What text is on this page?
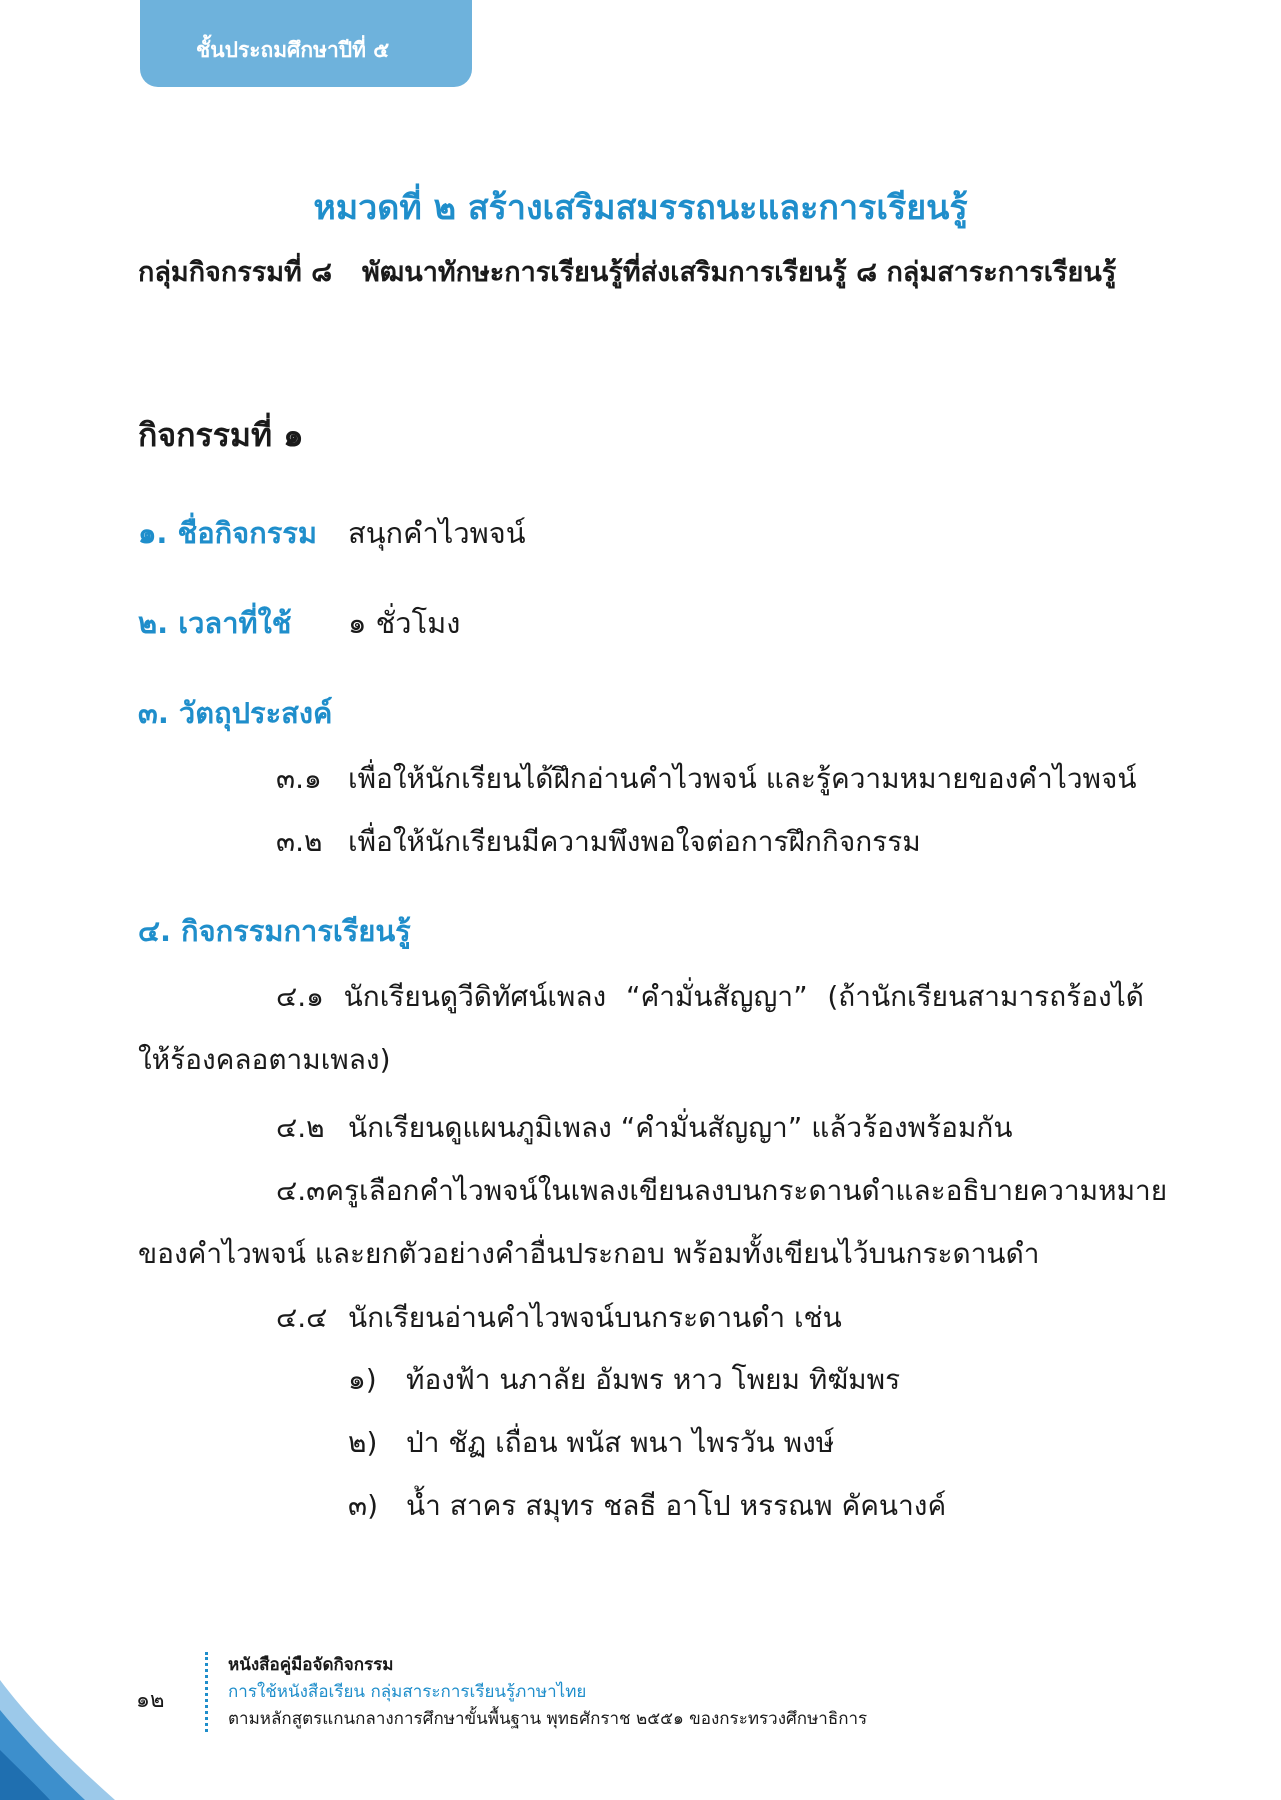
ชั้นประถมศึกษาปีที่ ๕
หมวดที่ ๒ สร้างเสริมสมรรถนะและการเรียนรู้
กลุ่มกิจกรรมที่ ๘ พัฒนาทักษะการเรียนรู้ที่ส่งเสริมการเรียนรู้ ๘ กลุ่มสาระการเรียนรู้
กิจกรรมที่ ๑
๑. ชื่อกิจกรรม สนุกคำไวพจน์
๒. เวลาที่ใช้ ๑ ชั่วโมง
๓. วัตถุประสงค์
๓.๑ เพื่อให้นักเรียนได้ฝึกอ่านคำไวพจน์ และรู้ความหมายของคำไวพจน์
๓.๒ เพื่อให้นักเรียนมีความพึงพอใจต่อการฝึกกิจกรรม
๔. กิจกรรมการเรียนรู้
๔.๑ นักเรียนดูวีดิทัศน์เพลง “คำมั่นสัญญา” (ถ้านักเรียนสามารถร้องได้
ให้ร้องคลอตามเพลง)
๔.๒ นักเรียนดูแผนภูมิเพลง “คำมั่นสัญญา” แล้วร้องพร้อมกัน
๔.๓ ครูเลือกคำไวพจน์ในเพลงเขียนลงบนกระดานดำ และอธิบายความหมาย
ของคำไวพจน์ และยกตัวอย่างคำอื่นประกอบ พร้อมทั้งเขียนไว้บนกระดานดำ
๔.๔ นักเรียนอ่านคำไวพจน์บนกระดานดำ เช่น
๑) ท้องฟ้า นภาลัย อัมพร หาว โพยม ทิฆัมพร
๒) ป่า ชัฏ เถื่อน พนัส พนา ไพรวัน พงษ์
๓) น้ำ สาคร สมุทร ชลธี อาโป หรรณพ คัคนางค์
๑๒
หนังสือคู่มือจัดกิจกรรม
การใช้หนังสือเรียน กลุ่มสาระการเรียนรู้ภาษาไทย
ตามหลักสูตรแกนกลางการศึกษาขั้นพื้นฐาน พุทธศักราช ๒๕๕๑ ของกระทรวงศึกษาธิการ
